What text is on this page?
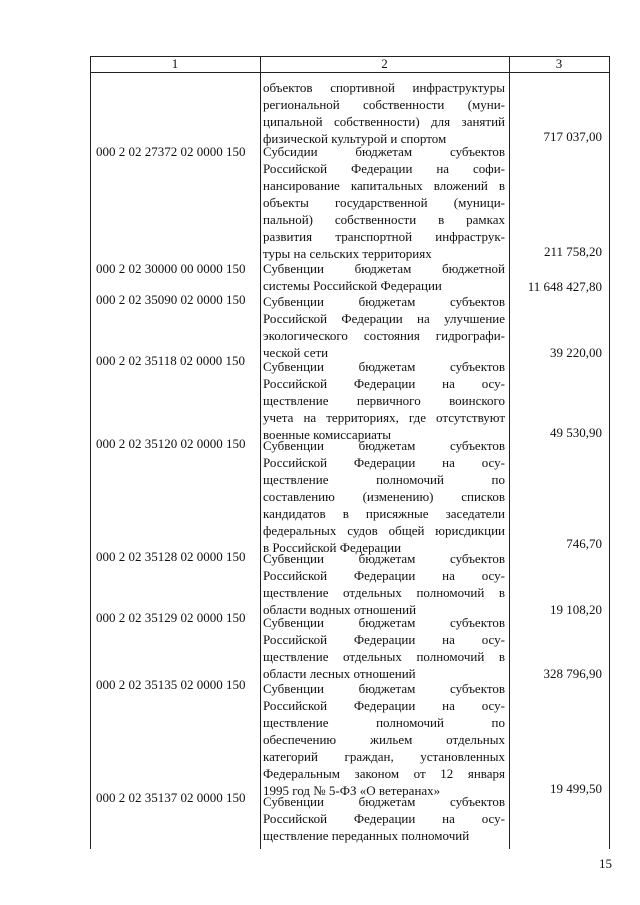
1	2	3
объектов спортивной инфраструктуры
региональной собственности (муни-
ципальной собственности) для занятий
физической культурой и спортом	717 037,00
000 2 02 27372 02 0000 150	Субсидии бюджетам субъектов
Российской Федерации на софи-
нансирование капитальных вложений в
объекты государственной (муници-
пальной) собственности в рамках
развития транспортной инфраструк-
туры на сельских территориях	211 758,20
000 2 02 30000 00 0000 150	Субвенции бюджетам бюджетной
системы Российской Федерации	11 648 427,80
000 2 02 35090 02 0000 150	Субвенции бюджетам субъектов
Российской Федерации на улучшение
экологического состояния гидрографи-
ческой сети	39 220,00
000 2 02 35118 02 0000 150	Субвенции бюджетам субъектов
Российской Федерации на осу-
ществление первичного воинского
учета на территориях, где отсутствуют
военные комиссариаты	49 530,90
000 2 02 35120 02 0000 150	Субвенции бюджетам субъектов
Российской Федерации на осу-
ществление полномочий по
составлению (изменению) списков
кандидатов в присяжные заседатели
федеральных судов общей юрисдикции
в Российской Федерации	746,70
000 2 02 35128 02 0000 150	Субвенции бюджетам субъектов
Российской Федерации на осу-
ществление отдельных полномочий в
области водных отношений	19 108,20
000 2 02 35129 02 0000 150	Субвенции бюджетам субъектов
Российской Федерации на осу-
ществление отдельных полномочий в
области лесных отношений	328 796,90
000 2 02 35135 02 0000 150	Субвенции бюджетам субъектов
Российской Федерации на осу-
ществление полномочий по
обеспечению жильем отдельных
категорий граждан, установленных
Федеральным законом от 12 января
1995 год № 5-ФЗ «О ветеранах»	19 499,50
000 2 02 35137 02 0000 150	Субвенции бюджетам субъектов
Российской Федерации на осу-
ществление переданных полномочий
15
